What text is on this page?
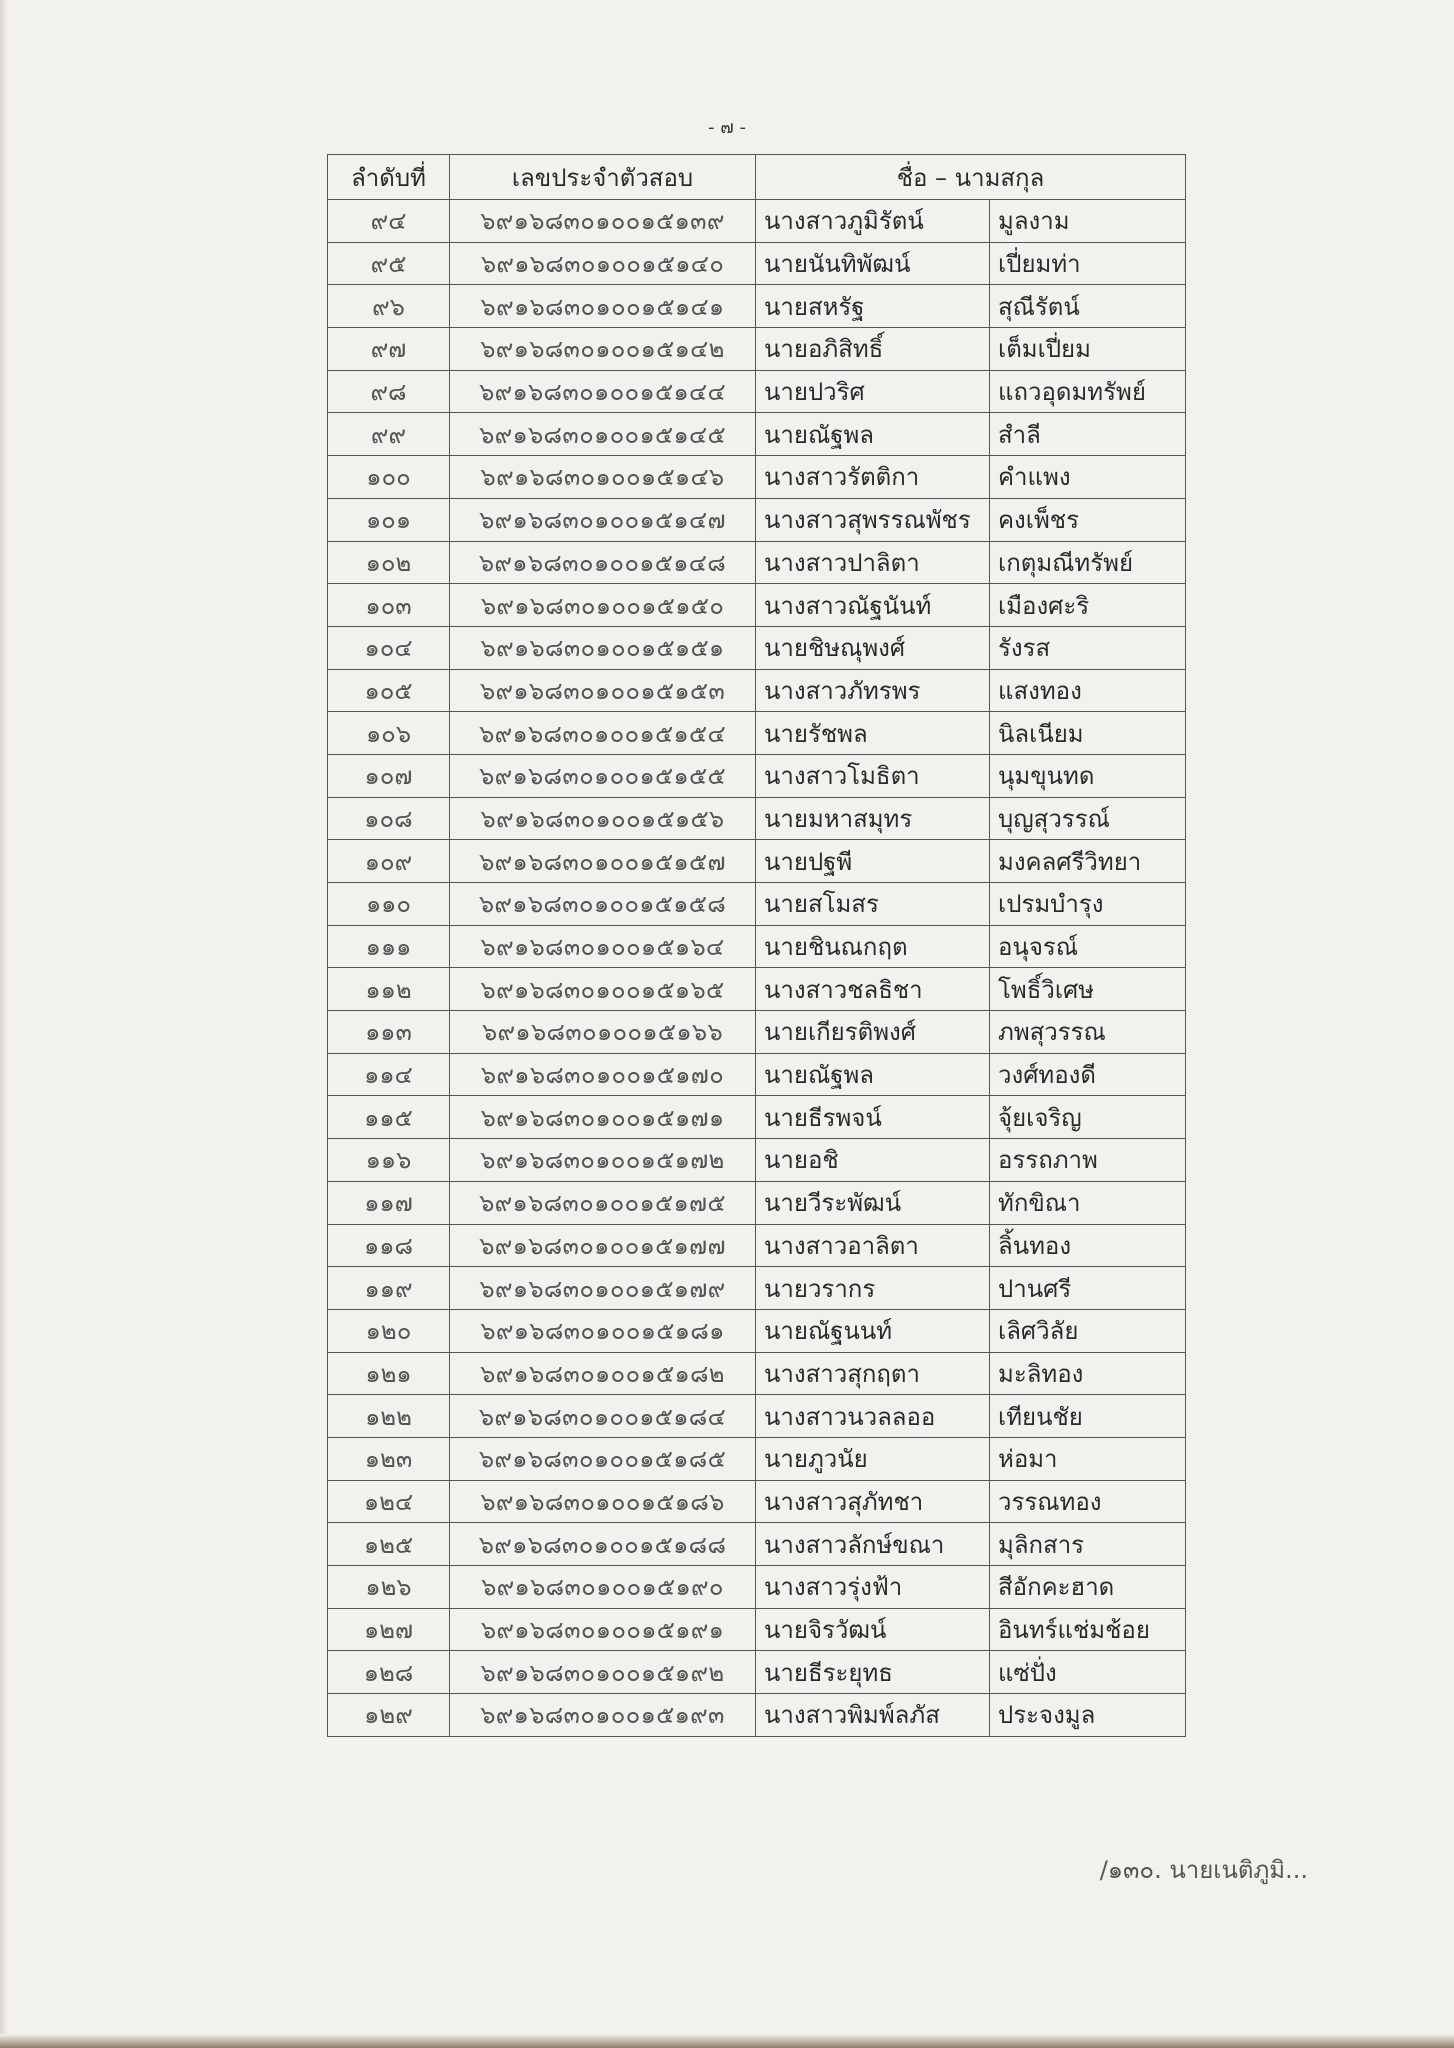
- ๗ -
ลำดับที่	เลขประจำตัวสอบ	ชื่อ – นามสกุล	
๙๔	๖๙๑๖๘๓๐๑๐๐๑๕๑๓๙	นางสาวภูมิรัตน์	มูลงาม
๙๕	๖๙๑๖๘๓๐๑๐๐๑๕๑๔๐	นายนันทิพัฒน์	เปี่ยมท่า
๙๖	๖๙๑๖๘๓๐๑๐๐๑๕๑๔๑	นายสหรัฐ	สุณีรัตน์
๙๗	๖๙๑๖๘๓๐๑๐๐๑๕๑๔๒	นายอภิสิทธิ์	เต็มเปี่ยม
๙๘	๖๙๑๖๘๓๐๑๐๐๑๕๑๔๔	นายปวริศ	แถวอุดมทรัพย์
๙๙	๖๙๑๖๘๓๐๑๐๐๑๕๑๔๕	นายณัฐพล	สำลี
๑๐๐	๖๙๑๖๘๓๐๑๐๐๑๕๑๔๖	นางสาวรัตติกา	คำแพง
๑๐๑	๖๙๑๖๘๓๐๑๐๐๑๕๑๔๗	นางสาวสุพรรณพัชร	คงเพ็ชร
๑๐๒	๖๙๑๖๘๓๐๑๐๐๑๕๑๔๘	นางสาวปาลิตา	เกตุมณีทรัพย์
๑๐๓	๖๙๑๖๘๓๐๑๐๐๑๕๑๕๐	นางสาวณัฐนันท์	เมืองศะริ
๑๐๔	๖๙๑๖๘๓๐๑๐๐๑๕๑๕๑	นายชิษณุพงศ์	รังรส
๑๐๕	๖๙๑๖๘๓๐๑๐๐๑๕๑๕๓	นางสาวภัทรพร	แสงทอง
๑๐๖	๖๙๑๖๘๓๐๑๐๐๑๕๑๕๔	นายรัชพล	นิลเนียม
๑๐๗	๖๙๑๖๘๓๐๑๐๐๑๕๑๕๕	นางสาวโมธิตา	นุมขุนทด
๑๐๘	๖๙๑๖๘๓๐๑๐๐๑๕๑๕๖	นายมหาสมุทร	บุญสุวรรณ์
๑๐๙	๖๙๑๖๘๓๐๑๐๐๑๕๑๕๗	นายปฐพี	มงคลศรีวิทยา
๑๑๐	๖๙๑๖๘๓๐๑๐๐๑๕๑๕๘	นายสโมสร	เปรมบำรุง
๑๑๑	๖๙๑๖๘๓๐๑๐๐๑๕๑๖๔	นายชินณกฤต	อนุจรณ์
๑๑๒	๖๙๑๖๘๓๐๑๐๐๑๕๑๖๕	นางสาวชลธิชา	โพธิ์วิเศษ
๑๑๓	๖๙๑๖๘๓๐๑๐๐๑๕๑๖๖	นายเกียรติพงศ์	ภพสุวรรณ
๑๑๔	๖๙๑๖๘๓๐๑๐๐๑๕๑๗๐	นายณัฐพล	วงศ์ทองดี
๑๑๕	๖๙๑๖๘๓๐๑๐๐๑๕๑๗๑	นายธีรพจน์	จุ้ยเจริญ
๑๑๖	๖๙๑๖๘๓๐๑๐๐๑๕๑๗๒	นายอชิ	อรรถภาพ
๑๑๗	๖๙๑๖๘๓๐๑๐๐๑๕๑๗๕	นายวีระพัฒน์	ทักขิณา
๑๑๘	๖๙๑๖๘๓๐๑๐๐๑๕๑๗๗	นางสาวอาลิตา	ลิ้นทอง
๑๑๙	๖๙๑๖๘๓๐๑๐๐๑๕๑๗๙	นายวรากร	ปานศรี
๑๒๐	๖๙๑๖๘๓๐๑๐๐๑๕๑๘๑	นายณัฐนนท์	เลิศวิลัย
๑๒๑	๖๙๑๖๘๓๐๑๐๐๑๕๑๘๒	นางสาวสุกฤตา	มะลิทอง
๑๒๒	๖๙๑๖๘๓๐๑๐๐๑๕๑๘๔	นางสาวนวลลออ	เทียนชัย
๑๒๓	๖๙๑๖๘๓๐๑๐๐๑๕๑๘๕	นายภูวนัย	ห่อมา
๑๒๔	๖๙๑๖๘๓๐๑๐๐๑๕๑๘๖	นางสาวสุภัทชา	วรรณทอง
๑๒๕	๖๙๑๖๘๓๐๑๐๐๑๕๑๘๘	นางสาวลักษ์ขณา	มุลิกสาร
๑๒๖	๖๙๑๖๘๓๐๑๐๐๑๕๑๙๐	นางสาวรุ่งฟ้า	สีอักคะฮาด
๑๒๗	๖๙๑๖๘๓๐๑๐๐๑๕๑๙๑	นายจิรวัฒน์	อินทร์แช่มช้อย
๑๒๘	๖๙๑๖๘๓๐๑๐๐๑๕๑๙๒	นายธีระยุทธ	แซ่ปั่ง
๑๒๙	๖๙๑๖๘๓๐๑๐๐๑๕๑๙๓	นางสาวพิมพ์ลภัส	ประจงมูล
/๑๓๐. นายเนติภูมิ...
